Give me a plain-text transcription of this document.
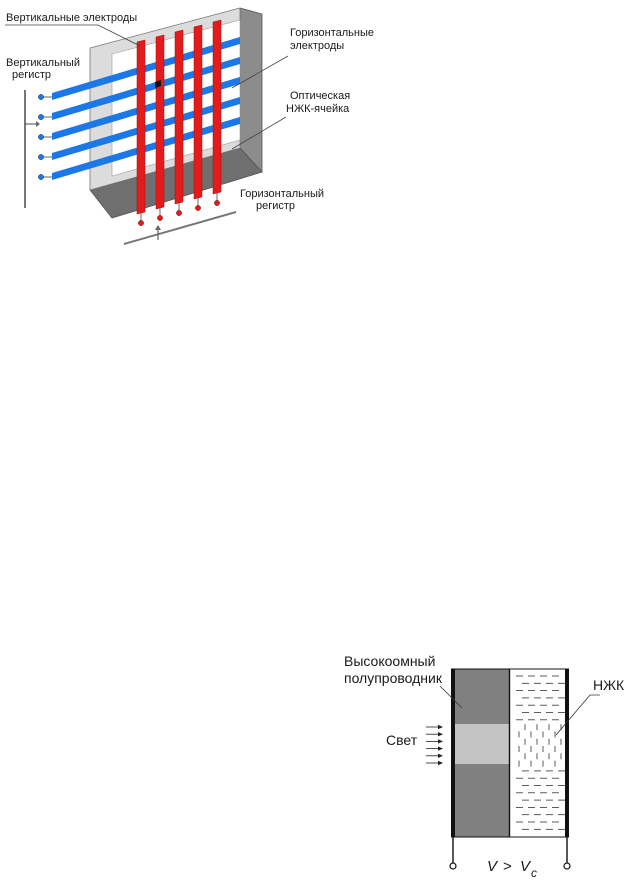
Вертикальные электроды
Вертикальный
регистр
Горизонтальные
электроды
Оптическая
НЖК-ячейка
Горизонтальный
регистр
Высокоомный
полупроводник	НЖК
Свет
V > V c
